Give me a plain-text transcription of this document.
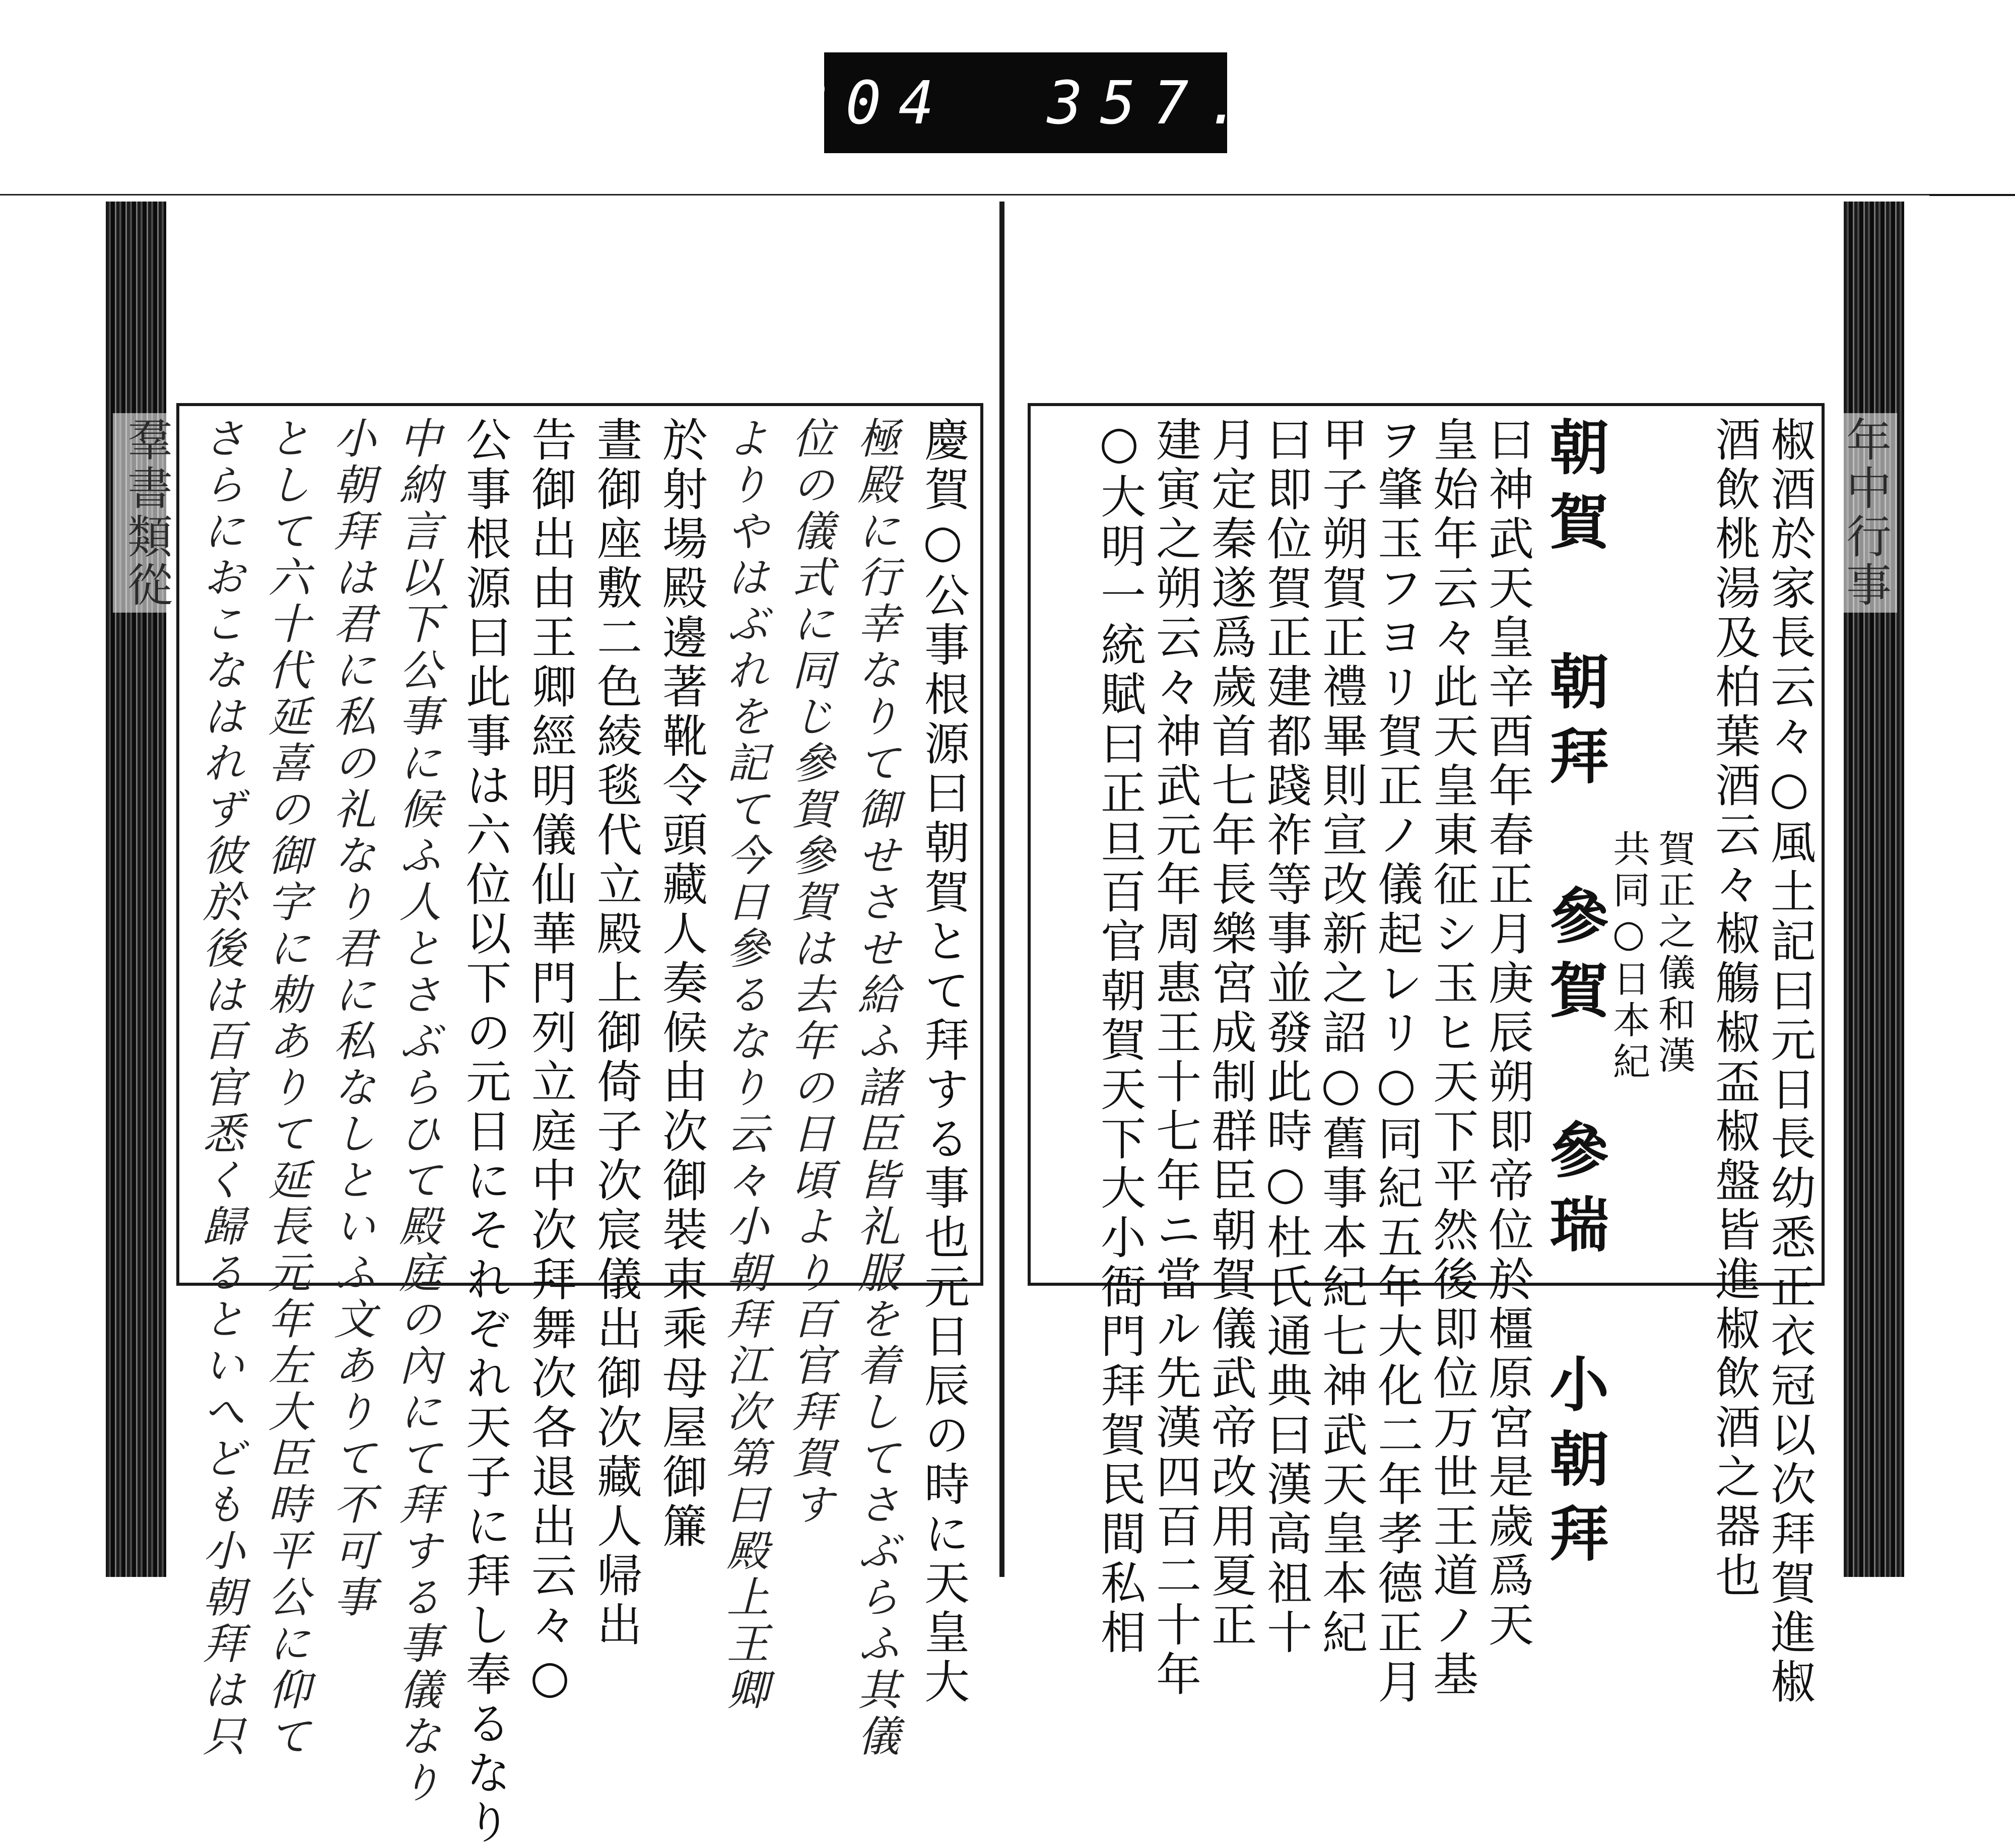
304 357.
羣書類從	年中行事
慶賀○公事根源曰朝賀とて拜する事也元日辰の時に天皇大
極殿に行幸なりて御せさせ給ふ諸臣皆礼服を着してさぶらふ其儀
位の儀式に同じ參賀參賀は去年の日頃より百官拜賀す
よりやはぶれを記て今日參るなり云々小朝拜江次第曰殿上王卿
於射場殿邊著靴令頭藏人奏候由次御裝束乘母屋御簾
晝御座敷二色綾毯代立殿上御倚子次宸儀出御次藏人帰出
告御出由王卿經明儀仙華門列立庭中次拜舞次各退出云々○
公事根源曰此事は六位以下の元日にそれぞれ天子に拜し奉るなり
中納言以下公事に候ふ人とさぶらひて殿庭の內にて拜する事儀なり
小朝拜は君に私の礼なり君に私なしといふ文ありて不可事
として六十代延喜の御字に勅ありて延長元年左大臣時平公に仰て
さらにおこなはれず彼於後は百官悉く歸るといへども小朝拜は只	椒酒於家長云々○風土記曰元日長幼悉正衣冠以次拜賀進椒
酒飲桃湯及柏葉酒云々椒觴椒盃椒盤皆進椒飲酒之器也
賀正之儀和漢
共同○日本紀
朝賀 朝拜 參賀 參瑞 小朝拜
曰神武天皇辛酉年春正月庚辰朔即帝位於橿原宮是歲爲天
皇始年云々此天皇東征シ玉ヒ天下平然後即位万世王道ノ基
ヲ肇玉フヨリ賀正ノ儀起レリ○同紀五年大化二年孝德正月
甲子朔賀正禮畢則宣改新之詔○舊事本紀七神武天皇本紀
曰即位賀正建都踐祚等事並發此時○杜氏通典曰漢高祖十
月定秦遂爲歲首七年長樂宮成制群臣朝賀儀武帝改用夏正
建寅之朔云々神武元年周惠王十七年ニ當ル先漢四百二十年
○大明一統賦曰正旦百官朝賀天下大小衙門拜賀民間私相
